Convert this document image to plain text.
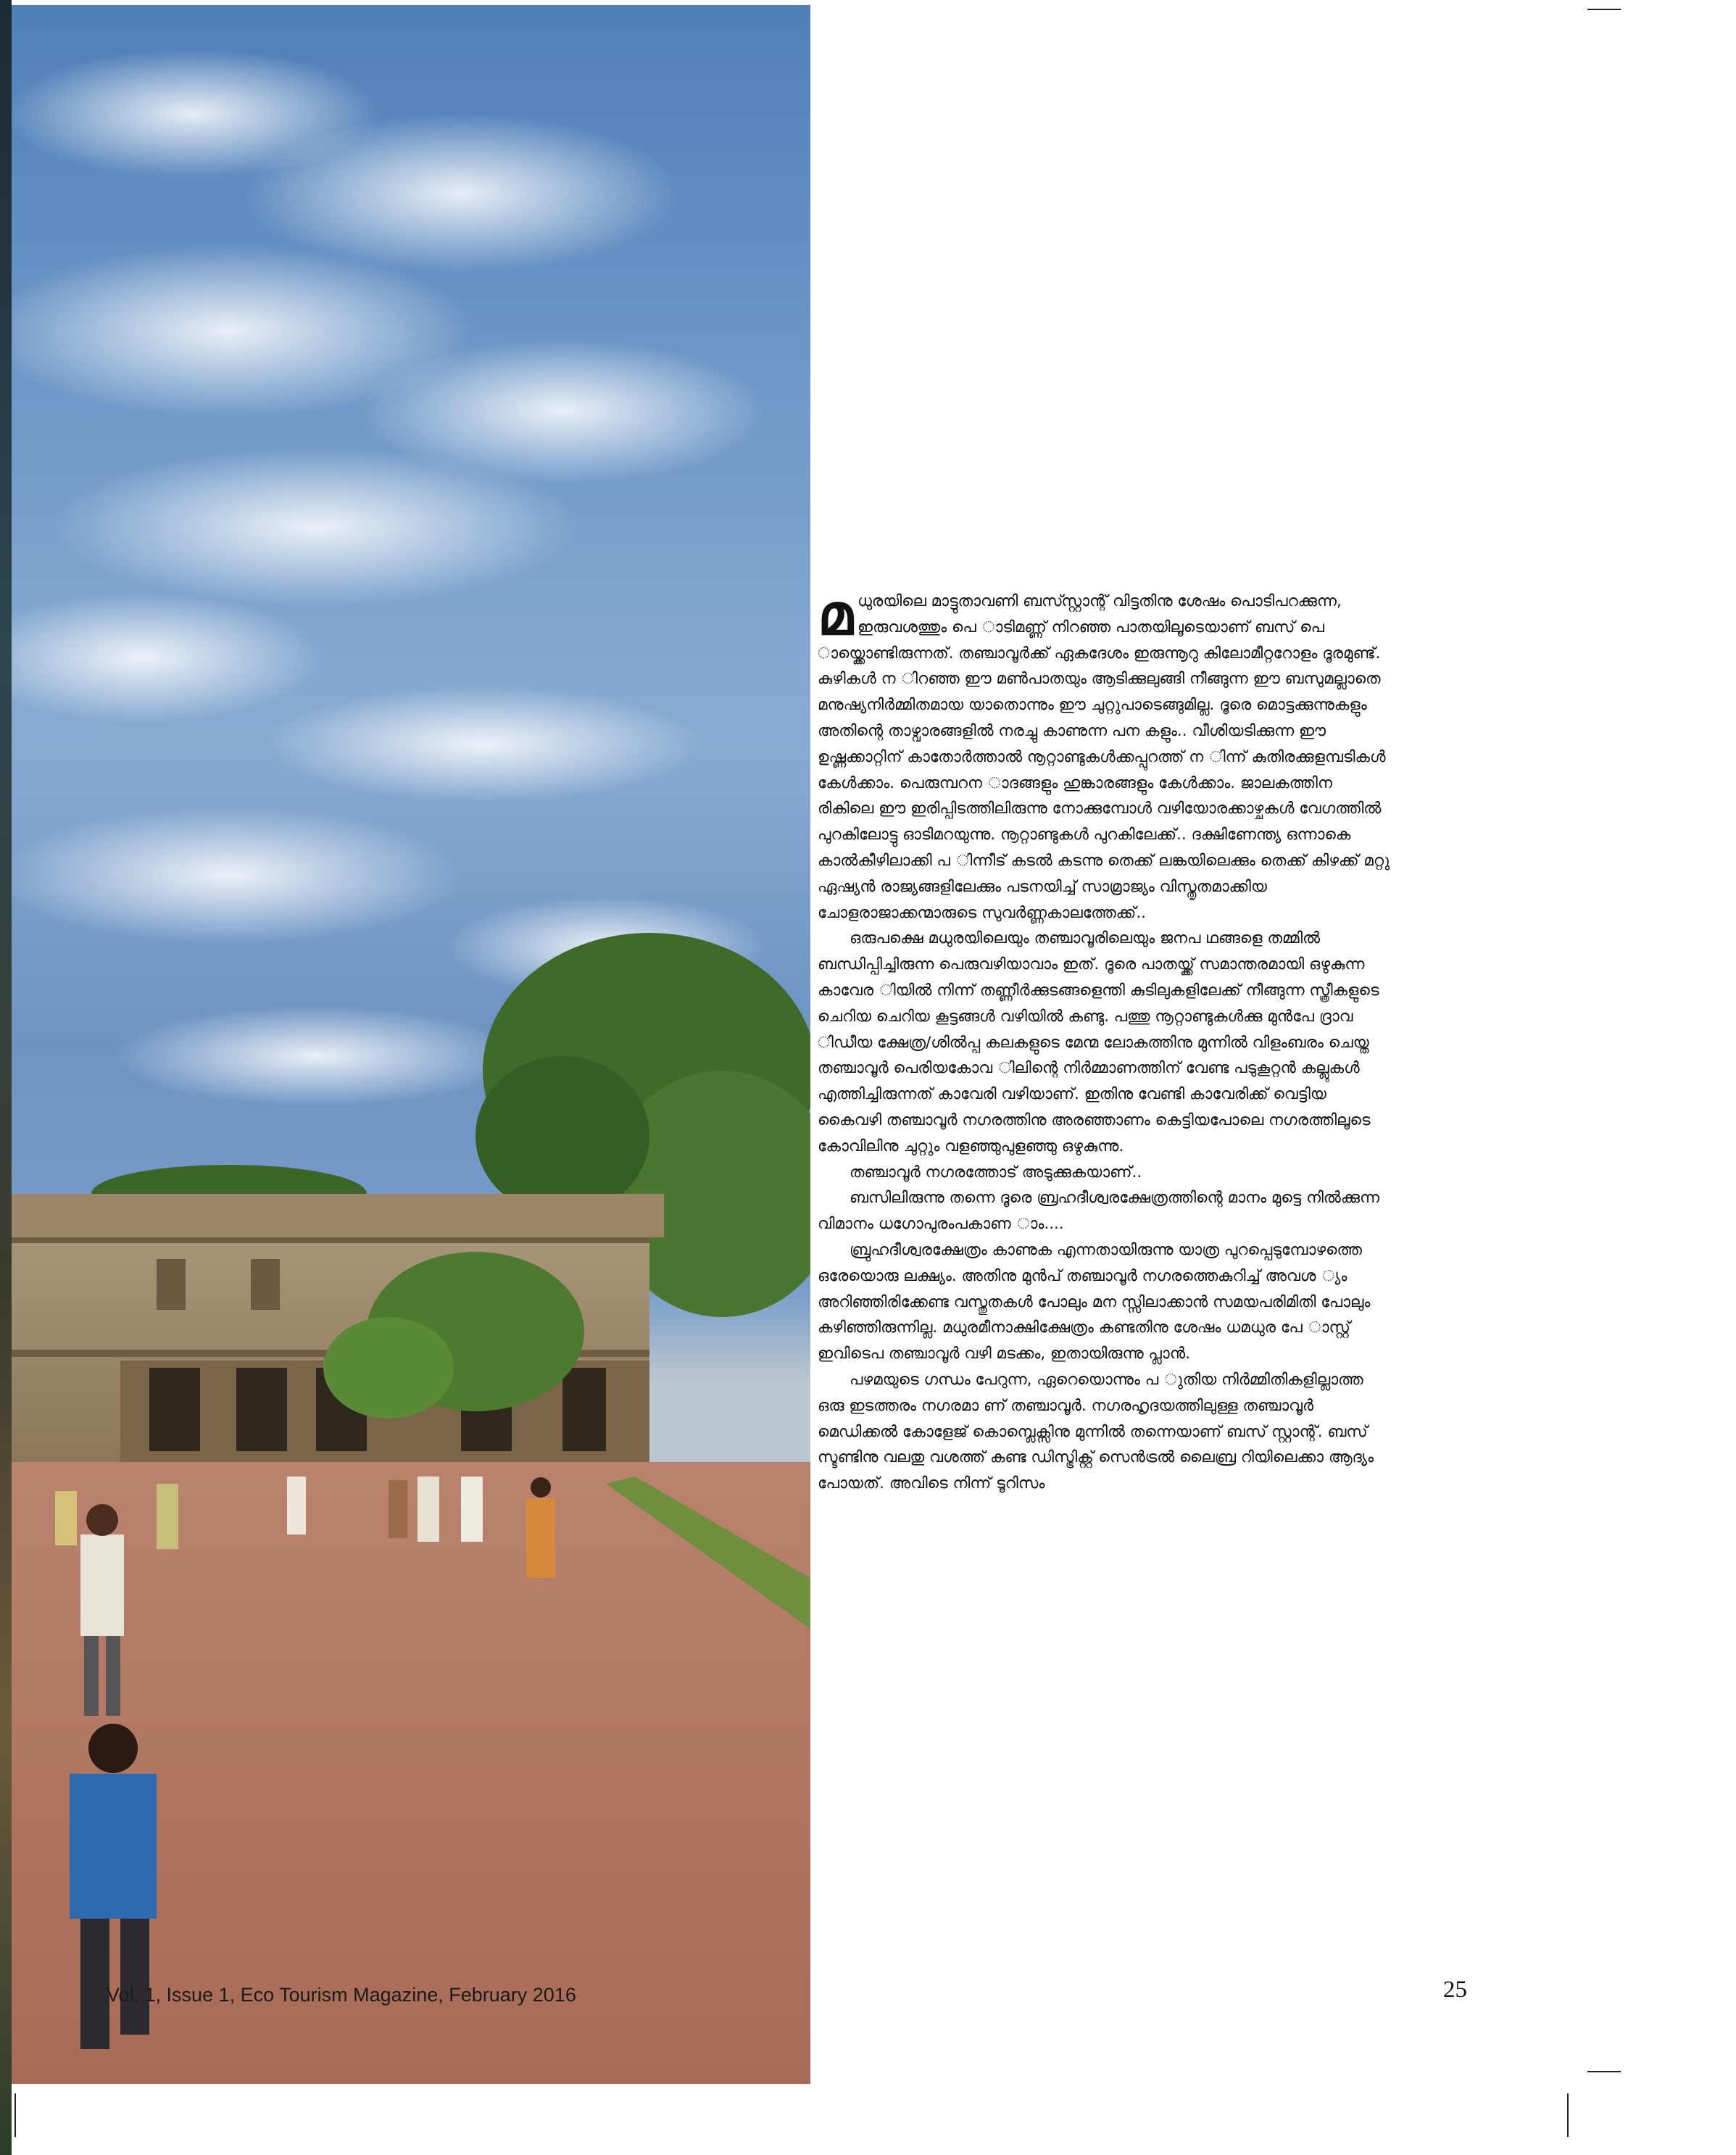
Vol. 1, Issue 1, Eco Tourism Magazine, February 2016

മധുരയിലെ മാട്ടുതാവണി ബസ്സ്റ്റാന്റ് വിട്ടതിനു ശേഷം പൊടിപറക്കുന്ന, ഇരുവശത്തും പെ ാടിമണ്ണ് നിറഞ്ഞ പാതയിലൂടെയാണ് ബസ് പെ ായ്ക്കൊണ്ടിരുന്നത്. തഞ്ചാവൂർക്ക് ഏകദേശം ഇരുന്നൂറു കിലോമീറ്ററോളം ദൂരമുണ്ട്. കുഴികൾ ന ിറഞ്ഞ ഈ മൺപാതയും ആടിക്കുലുങ്ങി നീങ്ങുന്ന ഈ ബസുമല്ലാതെ മനുഷ്യനിർമ്മിതമായ യാതൊന്നും ഈ ചുറ്റുപാടെങ്ങുമില്ല. ദൂരെ മൊട്ടക്കുന്നുകളും അതിന്റെ താഴ്വാരങ്ങളിൽ നരച്ചു കാണുന്ന പന കളും.. വീശിയടിക്കുന്ന ഈ ഉഷ്ണക്കാറ്റിന് കാതോർത്താൽ നൂറ്റാണ്ടുകൾക്കപ്പുറത്ത് ന ിന്ന് കുതിരക്കുളമ്പടികൾ കേൾക്കാം. പെരുമ്പറന ാദങ്ങളും ഹുങ്കാരങ്ങളും കേൾക്കാം. ജാലകത്തിന രികിലെ ഈ ഇരിപ്പിടത്തിലിരുന്നു നോക്കുമ്പോൾ വഴിയോരക്കാഴ്ചകൾ വേഗത്തിൽ പുറകിലോട്ടു ഓടിമറയുന്നു. നൂറ്റാണ്ടുകൾ പുറകിലേക്ക്.. ദക്ഷിണേന്ത്യ ഒന്നാകെ കാൽകീഴിലാക്കി പ ിന്നീട് കടൽ കടന്നു തെക്ക് ലങ്കയിലെക്കും തെക്ക് കിഴക്ക് മറ്റു ഏഷ്യൻ രാജ്യങ്ങളിലേക്കും പടനയിച്ച് സാമ്രാജ്യം വിസ്തൃതമാക്കിയ ചോളരാജാക്കന്മാരുടെ സുവർണ്ണകാലത്തേക്ക്..

ഒരുപക്ഷെ മധുരയിലെയും തഞ്ചാവൂരിലെയും ജനപ ഥങ്ങളെ തമ്മിൽ ബന്ധിപ്പിച്ചിരുന്ന പെരുവഴിയാവാം ഇത്. ദൂരെ പാതയ്ക്ക് സമാന്തരമായി ഒഴുകുന്ന കാവേര ിയിൽ നിന്ന് തണ്ണീർക്കുടങ്ങളെന്തി കുടിലുകളിലേക്ക് നീങ്ങുന്ന സ്ത്രീകളുടെ ചെറിയ ചെറിയ കൂട്ടങ്ങൾ വഴിയിൽ കണ്ടു. പത്തു നൂറ്റാണ്ടുകൾക്കു മുൻപേ ദ്രാവ ിഡീയ ക്ഷേത്ര/ശിൽപ്പ കലകളുടെ മേന്മ ലോകത്തിനു മുന്നിൽ വിളംബരം ചെയ്ത തഞ്ചാവൂർ പെരിയകോവ ിലിന്റെ നിർമ്മാണത്തിന് വേണ്ട പടുകൂറ്റൻ കല്ലുകൾ എത്തിച്ചിരുന്നത് കാവേരി വഴിയാണ്. ഇതിനു വേണ്ടി കാവേരിക്ക് വെട്ടിയ കൈവഴി തഞ്ചാവൂർ നഗരത്തിനു അരഞ്ഞാണം കെട്ടിയപോലെ നഗരത്തിലൂടെ കോവിലിനു ചുറ്റും വളഞ്ഞുപുളഞ്ഞു ഒഴുകുന്നു.

തഞ്ചാവൂർ നഗരത്തോട് അടുക്കുകയാണ്..

ബസിലിരുന്നു തന്നെ ദൂരെ ബ്രഹദീശ്വരക്ഷേത്രത്തിന്റെ മാനം മുട്ടെ നിൽക്കുന്ന വിമാനം ധഗോപുരംപകാണ ാം....

ബ്രുഹദീശ്വരക്ഷേത്രം കാണുക എന്നതായിരുന്നു യാത്ര പുറപ്പെടുമ്പോഴത്തെ ഒരേയൊരു ലക്ഷ്യം. അതിനു മുൻപ് തഞ്ചാവൂർ നഗരത്തെകുറിച്ച് അവശ ്യം അറിഞ്ഞിരിക്കേണ്ട വസ്തുതകൾ പോലും മന സ്സിലാക്കാൻ സമയപരിമിതി പോലും കഴിഞ്ഞിരുന്നില്ല. മധുരമീനാക്ഷിക്ഷേത്രം കണ്ടതിനു ശേഷം ധമധുര പേ ാസ്റ്റ് ഇവിടെപ തഞ്ചാവൂർ വഴി മടക്കം, ഇതായിരുന്നു പ്ലാൻ.

പഴമയുടെ ഗന്ധം പേറുന്ന, ഏറെയൊന്നും പ ുതിയ നിർമ്മിതികളില്ലാത്ത ഒരു ഇടത്തരം നഗരമാ ണ് തഞ്ചാവൂർ. നഗരഹൃദയത്തിലുള്ള തഞ്ചാവൂർ മെഡിക്കൽ കോളേജ് കൊമ്പ്ലെക്സിനു മുന്നിൽ തന്നെയാണ് ബസ് സ്റ്റാന്റ്. ബസ് സ്ടണ്ടിനു വലതു വശത്ത് കണ്ട ഡിസ്ട്രിക്റ്റ് സെൻട്രൽ ലൈബ്ര റിയിലെക്കാ ആദ്യം പോയത്. അവിടെ നിന്ന് ടൂറിസം

25
